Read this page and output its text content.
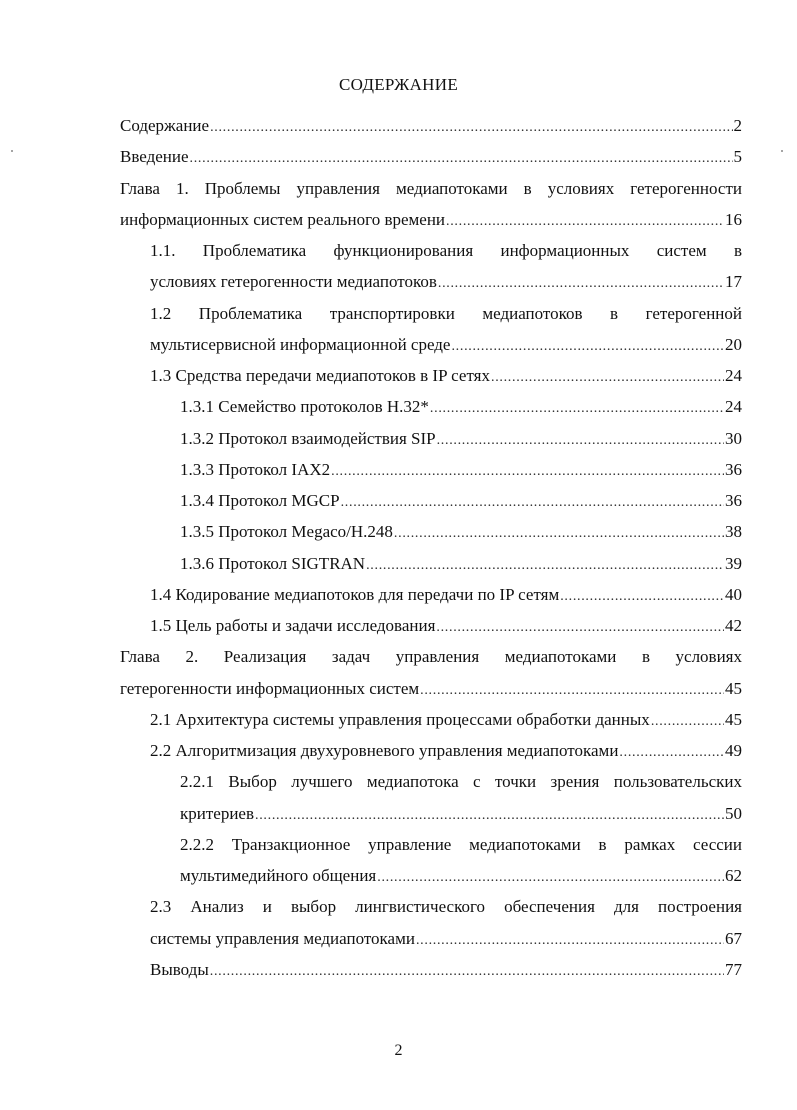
СОДЕРЖАНИЕ
Содержание . . .	2
Введение . . .	5
Глава 1. Проблемы управления медиапотоками в условиях гетерогенности
информационных систем реального времени . . .	16
1.1. Проблематика функционирования информационных систем в
условиях гетерогенности медиапотоков . . .	17
1.2 Проблематика транспортировки медиапотоков в гетерогенной
мультисервисной информационной среде . . .	20
1.3 Средства передачи медиапотоков в IP сетях . . .	24
1.3.1 Семейство протоколов H.32* . . .	24
1.3.2 Протокол взаимодействия SIP . . .	30
1.3.3 Протокол IAX2 . . .	36
1.3.4 Протокол MGCP . . .	36
1.3.5 Протокол Megaco/H.248 . . .	38
1.3.6 Протокол SIGTRAN . . .	39
1.4 Кодирование медиапотоков для передачи по IP сетям . . .	40
1.5 Цель работы и задачи исследования . . .	42
Глава 2. Реализация задач управления медиапотоками в условиях
гетерогенности информационных систем . . .	45
2.1 Архитектура системы управления процессами обработки данных . . .	45
2.2 Алгоритмизация двухуровневого управления медиапотоками . . .	49
2.2.1 Выбор лучшего медиапотока с точки зрения пользовательских
критериев . . .	50
2.2.2 Транзакционное управление медиапотоками в рамках сессии
мультимедийного общения . . .	62
2.3 Анализ и выбор лингвистического обеспечения для построения
системы управления медиапотоками . . .	67
Выводы . . .	77
2
